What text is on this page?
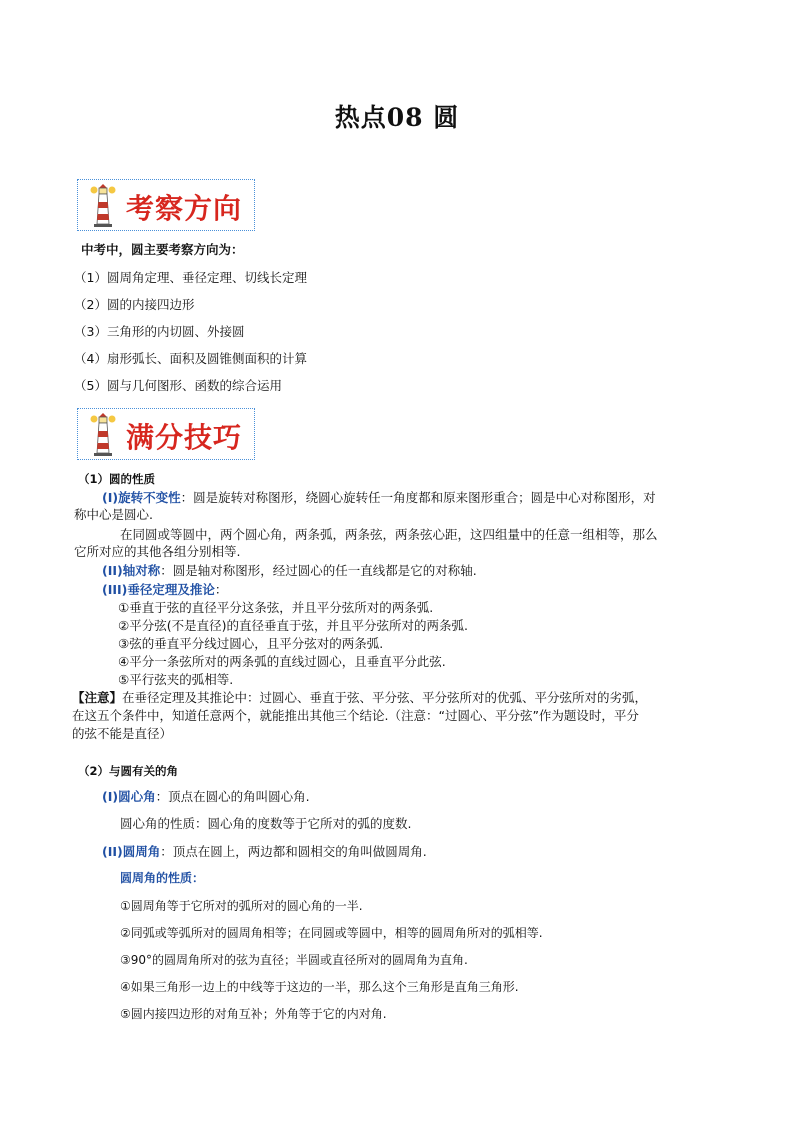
热点08 圆
考察方向
中考中，圆主要考察方向为：
（1）圆周角定理、垂径定理、切线长定理
（2）圆的内接四边形
（3）三角形的内切圆、外接圆
（4）扇形弧长、面积及圆锥侧面积的计算
（5）圆与几何图形、函数的综合运用
满分技巧
（1）圆的性质
(I)旋转不变性：圆是旋转对称图形，绕圆心旋转任一角度都和原来图形重合；圆是中心对称图形，对
称中心是圆心.
在同圆或等圆中，两个圆心角，两条弧，两条弦，两条弦心距，这四组量中的任意一组相等，那么
它所对应的其他各组分别相等.
(II)轴对称：圆是轴对称图形，经过圆心的任一直线都是它的对称轴.
(III)垂径定理及推论：
①垂直于弦的直径平分这条弦，并且平分弦所对的两条弧.
②平分弦(不是直径)的直径垂直于弦，并且平分弦所对的两条弧.
③弦的垂直平分线过圆心，且平分弦对的两条弧.
④平分一条弦所对的两条弧的直线过圆心，且垂直平分此弦.
⑤平行弦夹的弧相等.
【注意】在垂径定理及其推论中：过圆心、垂直于弦、平分弦、平分弦所对的优弧、平分弦所对的劣弧，
在这五个条件中，知道任意两个，就能推出其他三个结论.（注意：“过圆心、平分弦”作为题设时，平分
的弦不能是直径）
（2）与圆有关的角
(I)圆心角：顶点在圆心的角叫圆心角.
圆心角的性质：圆心角的度数等于它所对的弧的度数.
(II)圆周角：顶点在圆上，两边都和圆相交的角叫做圆周角.
圆周角的性质：
①圆周角等于它所对的弧所对的圆心角的一半.
②同弧或等弧所对的圆周角相等；在同圆或等圆中，相等的圆周角所对的弧相等.
③90°的圆周角所对的弦为直径；半圆或直径所对的圆周角为直角.
④如果三角形一边上的中线等于这边的一半，那么这个三角形是直角三角形.
⑤圆内接四边形的对角互补；外角等于它的内对角.
